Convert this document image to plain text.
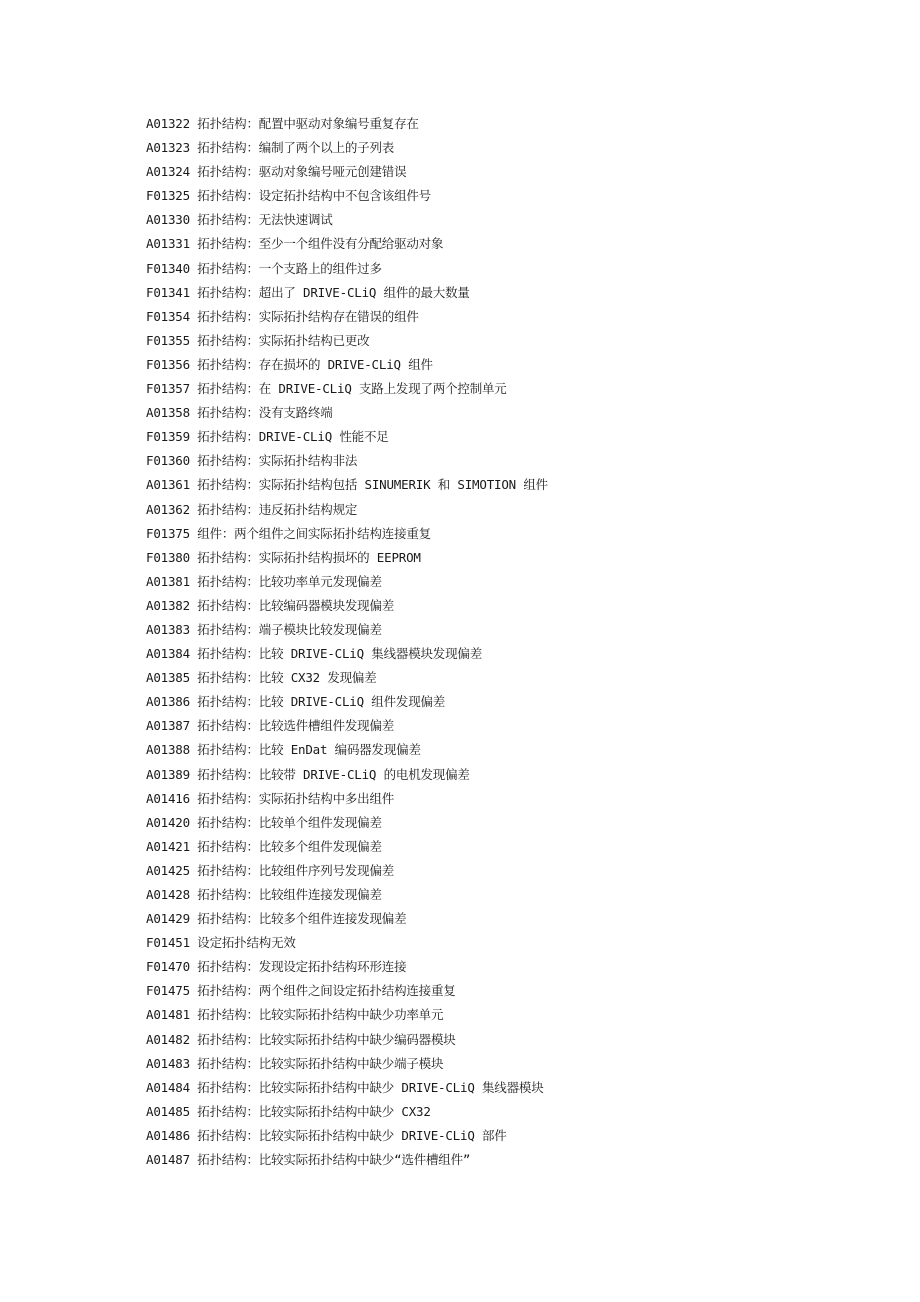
A01322 拓扑结构：配置中驱动对象编号重复存在
A01323 拓扑结构：编制了两个以上的子列表
A01324 拓扑结构：驱动对象编号哑元创建错误
F01325 拓扑结构：设定拓扑结构中不包含该组件号
A01330 拓扑结构：无法快速调试
A01331 拓扑结构：至少一个组件没有分配给驱动对象
F01340 拓扑结构：一个支路上的组件过多
F01341 拓扑结构：超出了 DRIVE-CLiQ 组件的最大数量
F01354 拓扑结构：实际拓扑结构存在错误的组件
F01355 拓扑结构：实际拓扑结构已更改
F01356 拓扑结构：存在损坏的 DRIVE-CLiQ 组件
F01357 拓扑结构：在 DRIVE-CLiQ 支路上发现了两个控制单元
A01358 拓扑结构：没有支路终端
F01359 拓扑结构：DRIVE-CLiQ 性能不足
F01360 拓扑结构：实际拓扑结构非法
A01361 拓扑结构：实际拓扑结构包括 SINUMERIK 和 SIMOTION 组件
A01362 拓扑结构：违反拓扑结构规定
F01375 组件：两个组件之间实际拓扑结构连接重复
F01380 拓扑结构：实际拓扑结构损坏的 EEPROM
A01381 拓扑结构：比较功率单元发现偏差
A01382 拓扑结构：比较编码器模块发现偏差
A01383 拓扑结构：端子模块比较发现偏差
A01384 拓扑结构：比较 DRIVE-CLiQ 集线器模块发现偏差
A01385 拓扑结构：比较 CX32 发现偏差
A01386 拓扑结构：比较 DRIVE-CLiQ 组件发现偏差
A01387 拓扑结构：比较选件槽组件发现偏差
A01388 拓扑结构：比较 EnDat 编码器发现偏差
A01389 拓扑结构：比较带 DRIVE-CLiQ 的电机发现偏差
A01416 拓扑结构：实际拓扑结构中多出组件
A01420 拓扑结构：比较单个组件发现偏差
A01421 拓扑结构：比较多个组件发现偏差
A01425 拓扑结构：比较组件序列号发现偏差
A01428 拓扑结构：比较组件连接发现偏差
A01429 拓扑结构：比较多个组件连接发现偏差
F01451 设定拓扑结构无效
F01470 拓扑结构：发现设定拓扑结构环形连接
F01475 拓扑结构：两个组件之间设定拓扑结构连接重复
A01481 拓扑结构：比较实际拓扑结构中缺少功率单元
A01482 拓扑结构：比较实际拓扑结构中缺少编码器模块
A01483 拓扑结构：比较实际拓扑结构中缺少端子模块
A01484 拓扑结构：比较实际拓扑结构中缺少 DRIVE-CLiQ 集线器模块
A01485 拓扑结构：比较实际拓扑结构中缺少 CX32
A01486 拓扑结构：比较实际拓扑结构中缺少 DRIVE-CLiQ 部件
A01487 拓扑结构：比较实际拓扑结构中缺少“选件槽组件”
